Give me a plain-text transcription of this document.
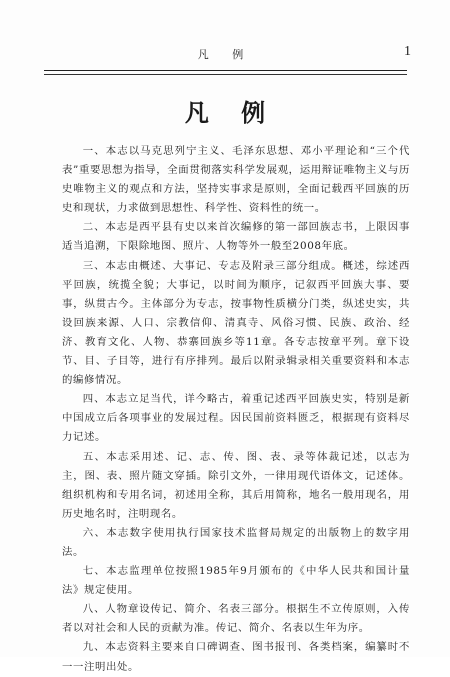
凡 例	1
凡 例

一、本志以马克思列宁主义、毛泽东思想、邓小平理论和“三个代表”重要思想为指导，全面贯彻落实科学发展观，运用辩证唯物主义与历史唯物主义的观点和方法，坚持实事求是原则，全面记载西平回族的历史和现状，力求做到思想性、科学性、资料性的统一。

二、本志是西平县有史以来首次编修的第一部回族志书，上限因事适当追溯，下限除地图、照片、人物等外一般至2008年底。

三、本志由概述、大事记、专志及附录三部分组成。概述，综述西平回族，统揽全貌；大事记，以时间为顺序，记叙西平回族大事、要事，纵贯古今。主体部分为专志，按事物性质横分门类，纵述史实，共设回族来源、人口、宗教信仰、清真寺、风俗习惯、民族、政治、经济、教育文化、人物、恭寨回族乡等11章。各专志按章平列。章下设节、目、子目等，进行有序排列。最后以附录辑录相关重要资料和本志的编修情况。

四、本志立足当代，详今略古，着重记述西平回族史实，特别是新中国成立后各项事业的发展过程。因民国前资料匮乏，根据现有资料尽力记述。

五、本志采用述、记、志、传、图、表、录等体裁记述，以志为主，图、表、照片随文穿插。除引文外，一律用现代语体文，记述体。组织机构和专用名词，初述用全称，其后用简称，地名一般用现名，用历史地名时，注明现名。

六、本志数字使用执行国家技术监督局规定的出版物上的数字用法。

七、本志监理单位按照1985年9月颁布的《中华人民共和国计量法》规定使用。

八、人物章设传记、简介、名表三部分。根据生不立传原则，入传者以对社会和人民的贡献为准。传记、简介、名表以生年为序。

九、本志资料主要来自口碑调查、图书报刊、各类档案，编纂时不一一注明出处。
